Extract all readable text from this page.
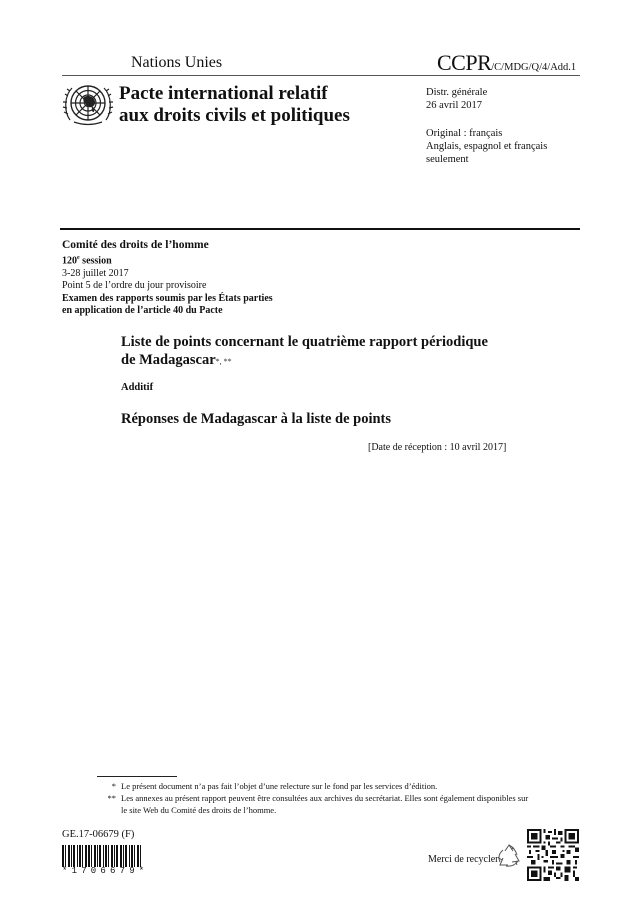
Nations Unies	CCPR/C/MDG/Q/4/Add.1
Pacte international relatif
aux droits civils et politiques
Distr. générale
26 avril 2017
Original : français
Anglais, espagnol et français
seulement
Comité des droits de l’homme
120e session
3-28 juillet 2017
Point 5 de l’ordre du jour provisoire
Examen des rapports soumis par les États parties
en application de l’article 40 du Pacte
Liste de points concernant le quatrième rapport périodique
de Madagascar*, **
Additif
Réponses de Madagascar à la liste de points
[Date de réception : 10 avril 2017]
* Le présent document n’a pas fait l’objet d’une relecture sur le fond par les services d’édition.
** Les annexes au présent rapport peuvent être consultées aux archives du secrétariat. Elles sont également disponibles sur le site Web du Comité des droits de l’homme.
GE.17-06679 (F)
*1706679*
Merci de recycler
